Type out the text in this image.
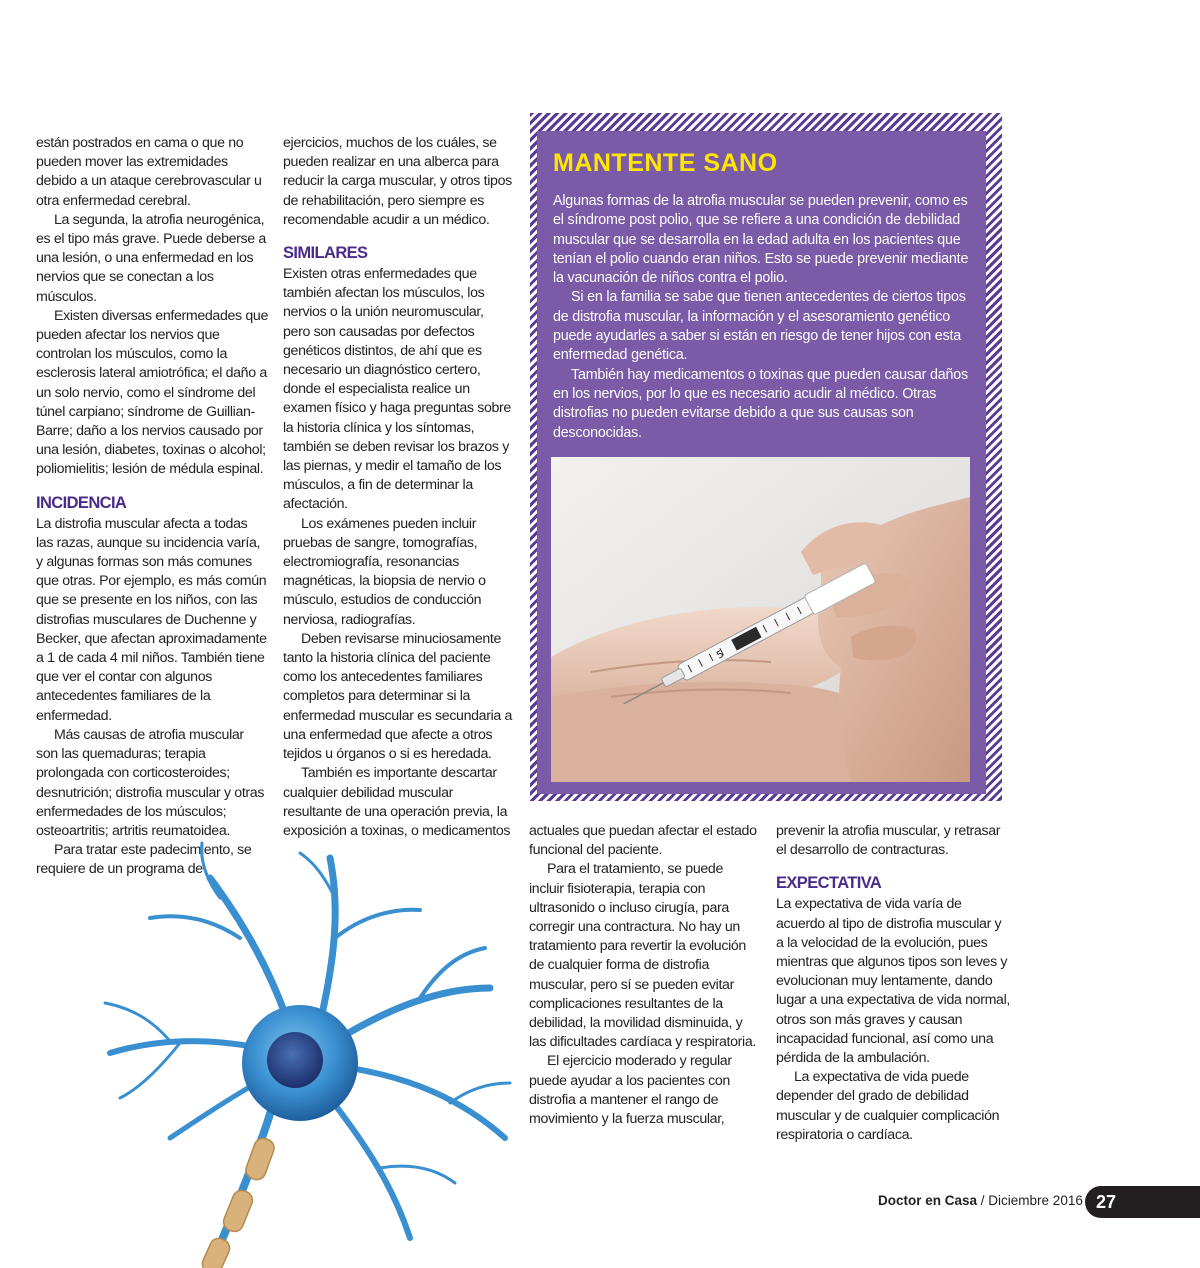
están postrados en cama o que no pueden mover las extremidades debido a un ataque cerebrovascular u otra enfermedad cerebral.

La segunda, la atrofia neurogénica, es el tipo más grave. Puede deberse a una lesión, o una enfermedad en los nervios que se conectan a los músculos.

Existen diversas enfermedades que pueden afectar los nervios que controlan los músculos, como la esclerosis lateral amiotrófica; el daño a un solo nervio, como el síndrome del túnel carpiano; síndrome de Guillian-Barre; daño a los nervios causado por una lesión, diabetes, toxinas o alcohol; poliomielitis; lesión de médula espinal.

INCIDENCIA

La distrofia muscular afecta a todas las razas, aunque su incidencia varía, y algunas formas son más comunes que otras. Por ejemplo, es más común que se presente en los niños, con las distrofias musculares de Duchenne y Becker, que afectan aproximadamente a 1 de cada 4 mil niños. También tiene que ver el contar con algunos antecedentes familiares de la enfermedad.

Más causas de atrofia muscular son las quemaduras; terapia prolongada con corticosteroides; desnutrición; distrofia muscular y otras enfermedades de los músculos; osteoartritis; artritis reumatoidea.

Para tratar este padecimiento, se requiere de un programa de

ejercicios, muchos de los cuáles, se pueden realizar en una alberca para reducir la carga muscular, y otros tipos de rehabilitación, pero siempre es recomendable acudir a un médico.

SIMILARES

Existen otras enfermedades que también afectan los músculos, los nervios o la unión neuromuscular, pero son causadas por defectos genéticos distintos, de ahí que es necesario un diagnóstico certero, donde el especialista realice un examen físico y haga preguntas sobre la historia clínica y los síntomas, también se deben revisar los brazos y las piernas, y medir el tamaño de los músculos, a fin de determinar la afectación.

Los exámenes pueden incluir pruebas de sangre, tomografías, electromiografía, resonancias magnéticas, la biopsia de nervio o músculo, estudios de conducción nerviosa, radiografías.

Deben revisarse minuciosamente tanto la historia clínica del paciente como los antecedentes familiares completos para determinar si la enfermedad muscular es secundaria a una enfermedad que afecte a otros tejidos u órganos o si es heredada.

También es importante descartar cualquier debilidad muscular resultante de una operación previa, la exposición a toxinas, o medicamentos

MANTENTE SANO

Algunas formas de la atrofia muscular se pueden prevenir, como es el síndrome post polio, que se refiere a una condición de debilidad muscular que se desarrolla en la edad adulta en los pacientes que tenían el polio cuando eran niños. Esto se puede prevenir mediante la vacunación de niños contra el polio.

Si en la familia se sabe que tienen antecedentes de ciertos tipos de distrofia muscular, la información y el asesoramiento genético puede ayudarles a saber si están en riesgo de tener hijos con esta enfermedad genética.

También hay medicamentos o toxinas que pueden causar daños en los nervios, por lo que es necesario acudir al médico. Otras distrofias no pueden evitarse debido a que sus causas son desconocidas.

5

actuales que puedan afectar el estado funcional del paciente.

Para el tratamiento, se puede incluir fisioterapia, terapia con ultrasonido o incluso cirugía, para corregir una contractura. No hay un tratamiento para revertir la evolución de cualquier forma de distrofia muscular, pero sí se pueden evitar complicaciones resultantes de la debilidad, la movilidad disminuida, y las dificultades cardíaca y respiratoria.

El ejercicio moderado y regular puede ayudar a los pacientes con distrofia a mantener el rango de movimiento y la fuerza muscular,

prevenir la atrofia muscular, y retrasar el desarrollo de contracturas.

EXPECTATIVA

La expectativa de vida varía de acuerdo al tipo de distrofia muscular y a la velocidad de la evolución, pues mientras que algunos tipos son leves y evolucionan muy lentamente, dando lugar a una expectativa de vida normal, otros son más graves y causan incapacidad funcional, así como una pérdida de la ambulación.

La expectativa de vida puede depender del grado de debilidad muscular y de cualquier complicación respiratoria o cardíaca.

Doctor en Casa / Diciembre 2016 27
